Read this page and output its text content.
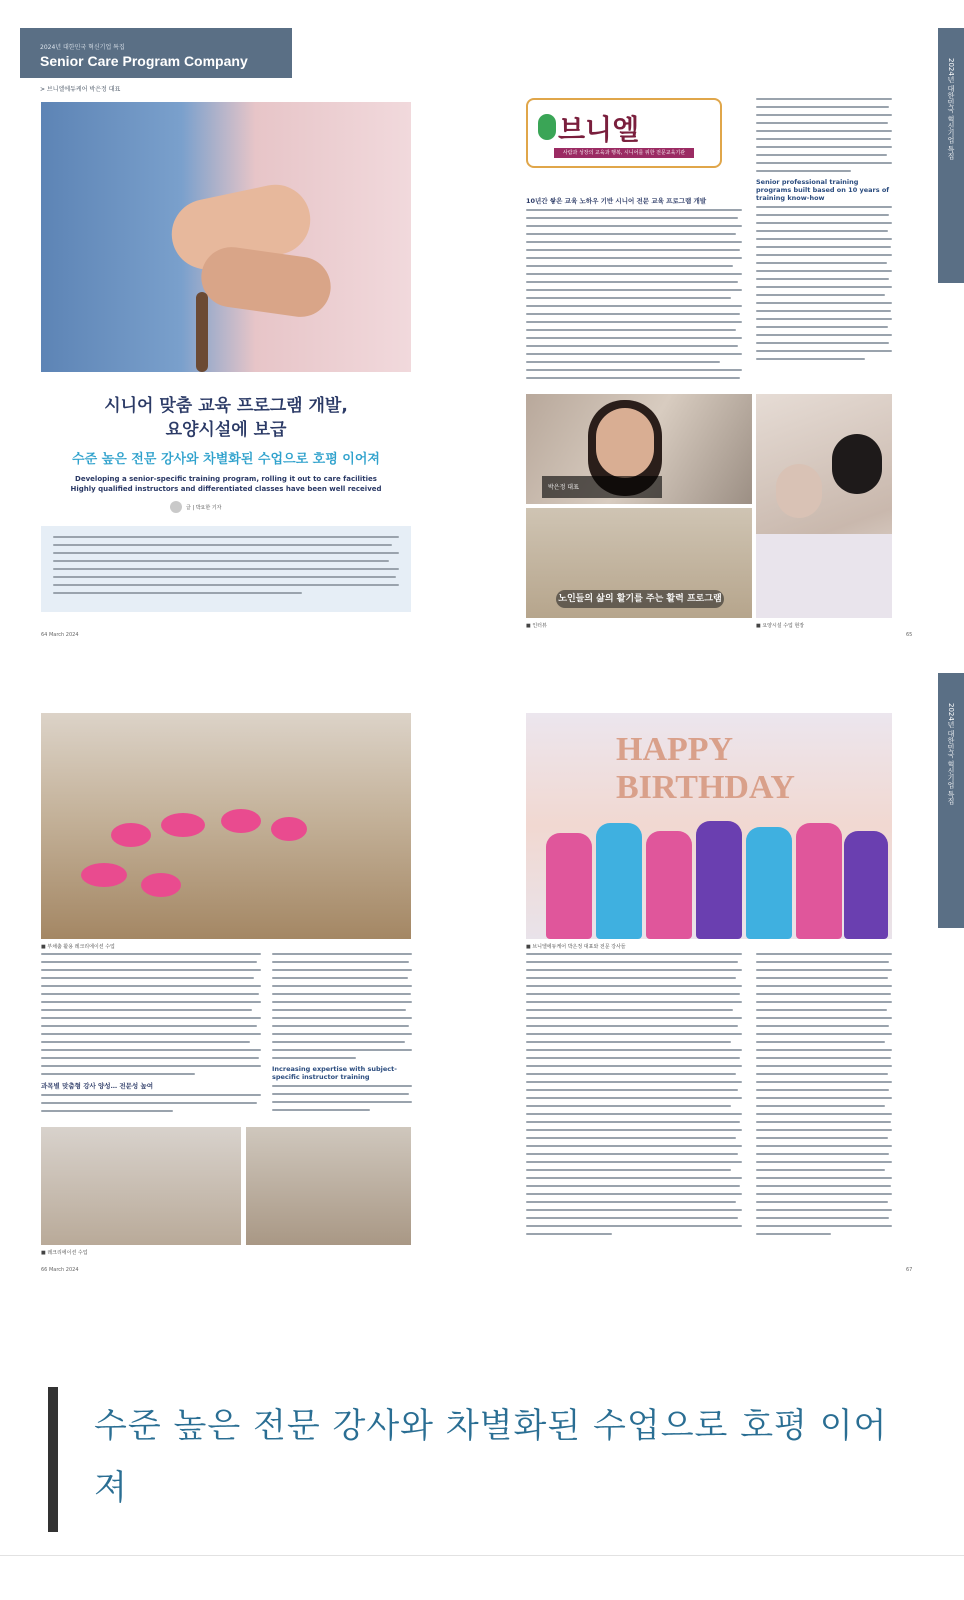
2024년 대한민국 혁신기업 특집
Senior Care Program Company
> 브니엘에듀케어 박은정 대표
시니어 맞춤 교육 프로그램 개발,
요양시설에 보급
수준 높은 전문 강사와 차별화된 수업으로 호평 이어져
Developing a senior-specific training program, rolling it out to care facilities
Highly qualified instructors and differentiated classes have been well received
글 | 박요한 기자
64 March 2024
브니엘
사람과 성장의 교육과 행복, 시니어를 위한 전문교육기관
10년간 쌓은 교육 노하우 기반 시니어 전문 교육 프로그램 개발
Senior professional training programs built based on 10 years of training know-how
박은정 대표
노인들의 삶의 활기를 주는 활력 프로그램
■ 인터뷰	■ 요양시설 수업 현장
65
2024년 대한민국 혁신기업 특집
■ 부채춤 활용 레크리에이션 수업
과목별 맞춤형 강사 양성… 전문성 높여
Increasing expertise with subject-specific instructor training
■ 레크리에이션 수업
66 March 2024
HAPPY BIRTHDAY
■ 브니엘에듀케어 박은정 대표와 전문 강사들
67
2024년 대한민국 혁신기업 특집
수준 높은 전문 강사와 차별화된 수업으로 호평 이어져
